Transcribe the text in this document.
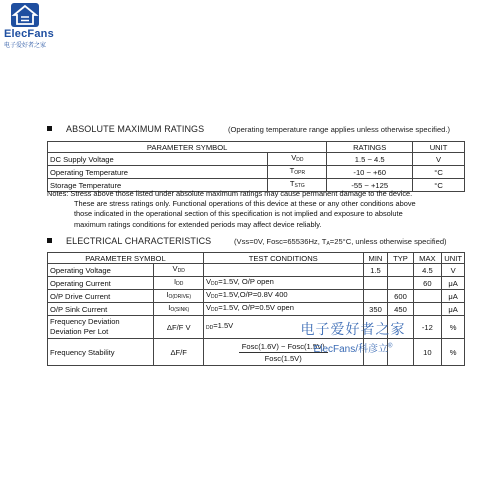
ElecFans
电子爱好者之家
ABSOLUTE MAXIMUM RATINGS	(Operating temperature range applies unless otherwise specified.)
PARAMETER SYMBOL		RATINGS	UNIT
DC Supply Voltage	$V_{DD}$	1.5 ~ 4.5	V
Operating Temperature	$T_{OPR}$	-10 ~ +60	°C
Storage Temperature	$T_{STG}$	-55 ~ +125	°C
Notes: Stress above those listed under absolute maximum ratings may cause permanent damage to the device.
These are stress ratings only. Functional operations of this device at these or any other conditions above
those indicated in the operational section of this specification is not implied and exposure to absolute
maximum ratings conditions for extended periods may affect device reliably.
ELECTRICAL CHARACTERISTICS	(Vss=0V, Fosc=65536Hz, $T_A=25^\circ C$, unless otherwise specified)
PARAMETER SYMBOL		TEST CONDITIONS	MIN	TYP	MAX	UNIT
Operating Voltage	$V_{DD}$		1.5		4.5	V
Operating Current	$I_{DD}$	$V_{DD}=1.5V$, O/P open			60	μA
O/P Drive Current	$I_{O(DRIVE)}$	$V_{DD}=1.5V,O/P=0.8V$ 400		600		μA
O/P Sink Current	$I_{O(SINK)}$	$V_{DD}=1.5V$, O/P=0.5V open	350	450		μA

Frequency Deviation
Deviation Per Lot	ΔF/F V	$_{DD}$=1.5V			-12	%
Frequency Stability	ΔF/F	$\frac{\text{Fosc(1.6V) − Fosc(1.5V)}}{\text{Fosc(1.5V)}}$			10	%
电子爱好者之家
ElecFans/科彦立®
